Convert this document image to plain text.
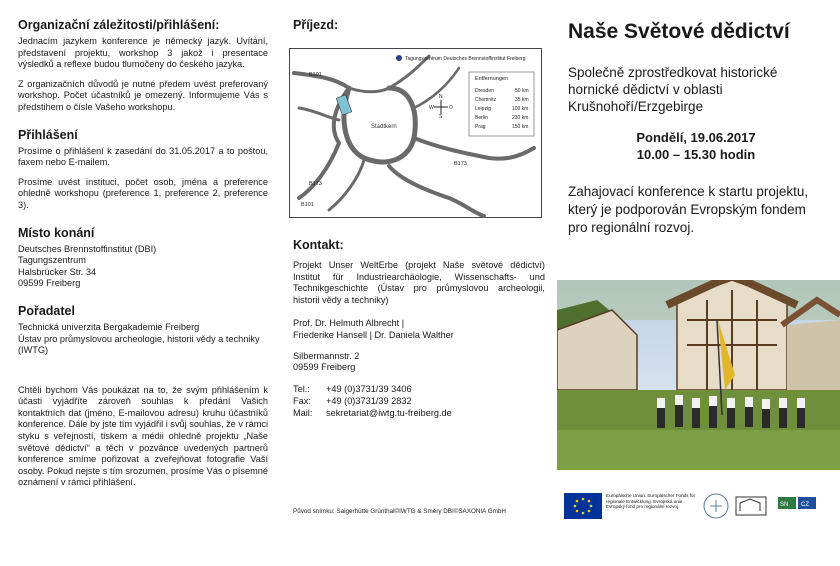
Organizační záležitosti/přihlášení:

Jednacím jazykem konference je německý jazyk. Uvítání, představení projektu, workshop 3 jakož i presentace výsledků a reflexe budou tlumočeny do českého jazyka.

Z organizačních důvodů je nutné předem uvést preferovaný workshop. Počet účastníků je omezený. Informujeme Vás s předstihem o čísle Vašeho workshopu.

Přihlášení

Prosíme o přihlášení k zasedání do 31.05.2017 a to poštou, faxem nebo E-mailem.

Prosíme uvést instituci, počet osob, jména a preference ohledně workshopu (preference 1, preference 2, preference 3).

Místo konání
Deutsches Brennstoffinstitut (DBI)
Tagungszentrum
Halsbrücker Str. 34
09599 Freiberg
Pořadatel
Technická univerzita Bergakademie Freiberg
Ústav pro průmyslovou archeologie, historii vědy a techniky (IWTG)

Chtěli bychom Vás poukázat na to, že svým přihlášením k účasti vyjádříte zároveň souhlas k předání Vašich kontaktních dat (jméno, E-mailovou adresu) kruhu účastníků konference. Dále by jste tím vyjádřil i svůj souhlas, že v rámci styku s veřejností, tiskem a médii ohledně projektu „Naše světové dědictví“ a těch v pozvánce uvedených partnerů konference smíme pořizovat a zveřejňovat fotografie Vaší osoby. Pokud nejste s tím srozumen, prosíme Vás o písemné oznámení v rámci přihlášení.

Příjezd:
Stadtkern
B101
B173
B173
B101
Tagungszentrum Deutsches Brennstoffinstitut Freiberg
N
S
W	O
Entfernungen
Dresden	50 km
Chemnitz	35 km
Leipzig	100 km
Berlin	230 km
Prag	150 km
Kontakt:

Projekt Unser WeltErbe (projekt Naše světové dědictví) Institut für Industriearchäologie, Wissenschafts- und Technikgeschichte (Ústav pro průmyslovou archeologii, historii vědy a techniky)

Prof. Dr. Helmuth Albrecht |
Friederike Hansell | Dr. Daniela Walther
Silbermannstr. 2
09599 Freiberg
Tel.:	+49 (0)3731/39 3406
Fax:	+49 (0)3731/39 2832
Mail:	sekretariat@iwtg.tu-freiberg.de
Původ snímku: Saigerhütte Grünthal©IWTG & Směry DBI©SAXONIA GmbH
Naše Světové dědictví
Společně zprostředkovat historické hornické dědictví v oblasti Krušnohoří/Erzgebirge
Pondělí, 19.06.2017
10.00 – 15.30 hodin
Zahajovací konference k startu projektu, který je podporován Evropským fondem pro regionální rozvoj.
Europäische Union. Europäischer Fonds für regionale Entwicklung. Evropská unie. Evropský fond pro regionální rozvoj.	SN CZ
